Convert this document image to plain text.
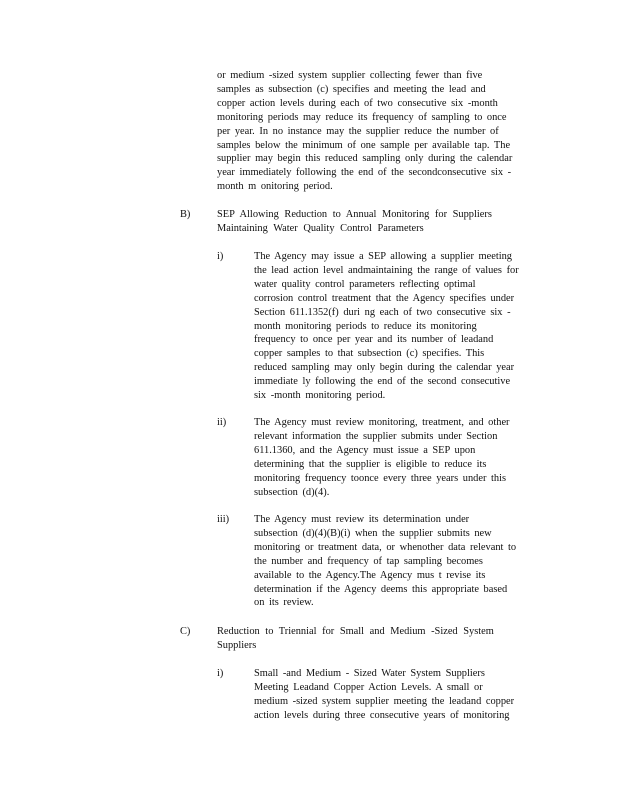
or medium -sized system supplier collecting fewer than five
samples as subsection (c) specifies and meeting the lead and
copper action levels during each of two consecutive six -month
monitoring periods may reduce its frequency of sampling to once
per year. In no instance may the supplier reduce the number of
samples below the minimum of one sample per available tap. The
supplier may begin this reduced sampling only during the calendar
year immediately following the end of the secondconsecutive six -
month m onitoring period.

B)	SEP Allowing Reduction to Annual Monitoring for Suppliers
Maintaining Water Quality Control Parameters
i)	The Agency may issue a SEP allowing a supplier meeting
the lead action level andmaintaining the range of values for
water quality control parameters reflecting optimal
corrosion control treatment that the Agency specifies under
Section 611.1352(f) duri ng each of two consecutive six -
month monitoring periods to reduce its monitoring
frequency to once per year and its number of leadand
copper samples to that subsection (c) specifies. This
reduced sampling may only begin during the calendar year
immediate ly following the end of the second consecutive
six -month monitoring period.
ii)	The Agency must review monitoring, treatment, and other
relevant information the supplier submits under Section
611.1360, and the Agency must issue a SEP upon
determining that the supplier is eligible to reduce its
monitoring frequency toonce every three years under this
subsection (d)(4).
iii) The Agency must review its determination under
subsection (d)(4)(B)(i) when the supplier submits new
monitoring or treatment data, or whenother data relevant to
the number and frequency of tap sampling becomes
available to the Agency.The Agency mus t revise its
determination if the Agency deems this appropriate based
on its review.
C)	Reduction to Triennial for Small and Medium -Sized System
Suppliers
i)	Small -and Medium - Sized Water System Suppliers
Meeting Leadand Copper Action Levels. A small or
medium -sized system supplier meeting the leadand copper
action levels during three consecutive years of monitoring
